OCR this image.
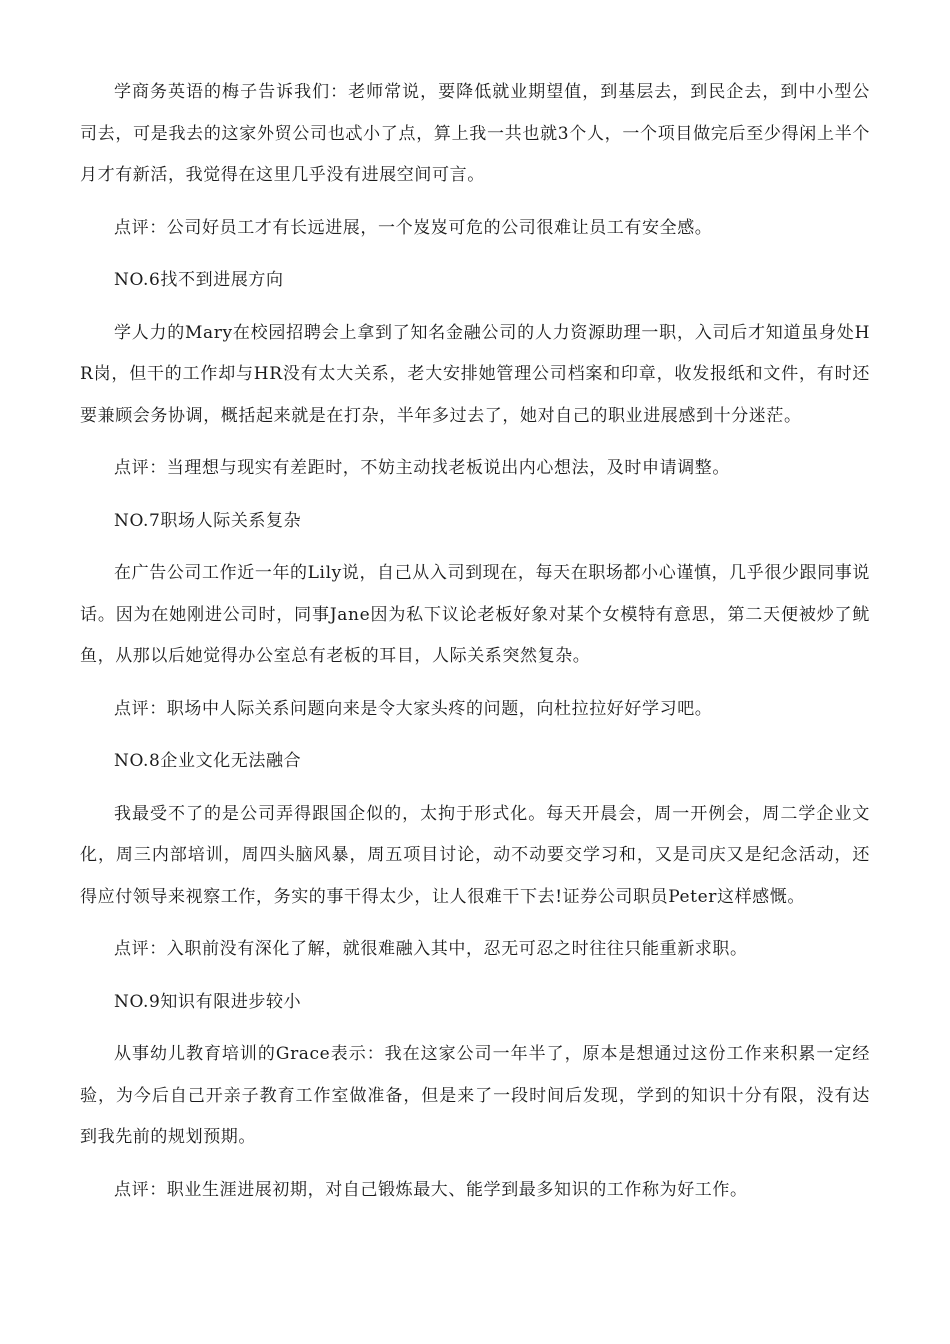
学商务英语的梅子告诉我们：老师常说，要降低就业期望值，到基层去，到民企去，到中小型公司去，可是我去的这家外贸公司也忒小了点，算上我一共也就3个人，一个项目做完后至少得闲上半个月才有新活，我觉得在这里几乎没有进展空间可言。

点评：公司好员工才有长远进展，一个岌岌可危的公司很难让员工有安全感。

NO.6找不到进展方向

学人力的Mary在校园招聘会上拿到了知名金融公司的人力资源助理一职，入司后才知道虽身处HR岗，但干的工作却与HR没有太大关系，老大安排她管理公司档案和印章，收发报纸和文件，有时还要兼顾会务协调，概括起来就是在打杂，半年多过去了，她对自己的职业进展感到十分迷茫。

点评：当理想与现实有差距时，不妨主动找老板说出内心想法，及时申请调整。

NO.7职场人际关系复杂

在广告公司工作近一年的Lily说，自己从入司到现在，每天在职场都小心谨慎，几乎很少跟同事说话。因为在她刚进公司时，同事Jane因为私下议论老板好象对某个女模特有意思，第二天便被炒了鱿鱼，从那以后她觉得办公室总有老板的耳目，人际关系突然复杂。

点评：职场中人际关系问题向来是令大家头疼的问题，向杜拉拉好好学习吧。

NO.8企业文化无法融合

我最受不了的是公司弄得跟国企似的，太拘于形式化。每天开晨会，周一开例会，周二学企业文化，周三内部培训，周四头脑风暴，周五项目讨论，动不动要交学习和，又是司庆又是纪念活动，还得应付领导来视察工作，务实的事干得太少，让人很难干下去!证券公司职员Peter这样感慨。

点评：入职前没有深化了解，就很难融入其中，忍无可忍之时往往只能重新求职。

NO.9知识有限进步较小

从事幼儿教育培训的Grace表示：我在这家公司一年半了，原本是想通过这份工作来积累一定经验，为今后自己开亲子教育工作室做准备，但是来了一段时间后发现，学到的知识十分有限，没有达到我先前的规划预期。

点评：职业生涯进展初期，对自己锻炼最大、能学到最多知识的工作称为好工作。
